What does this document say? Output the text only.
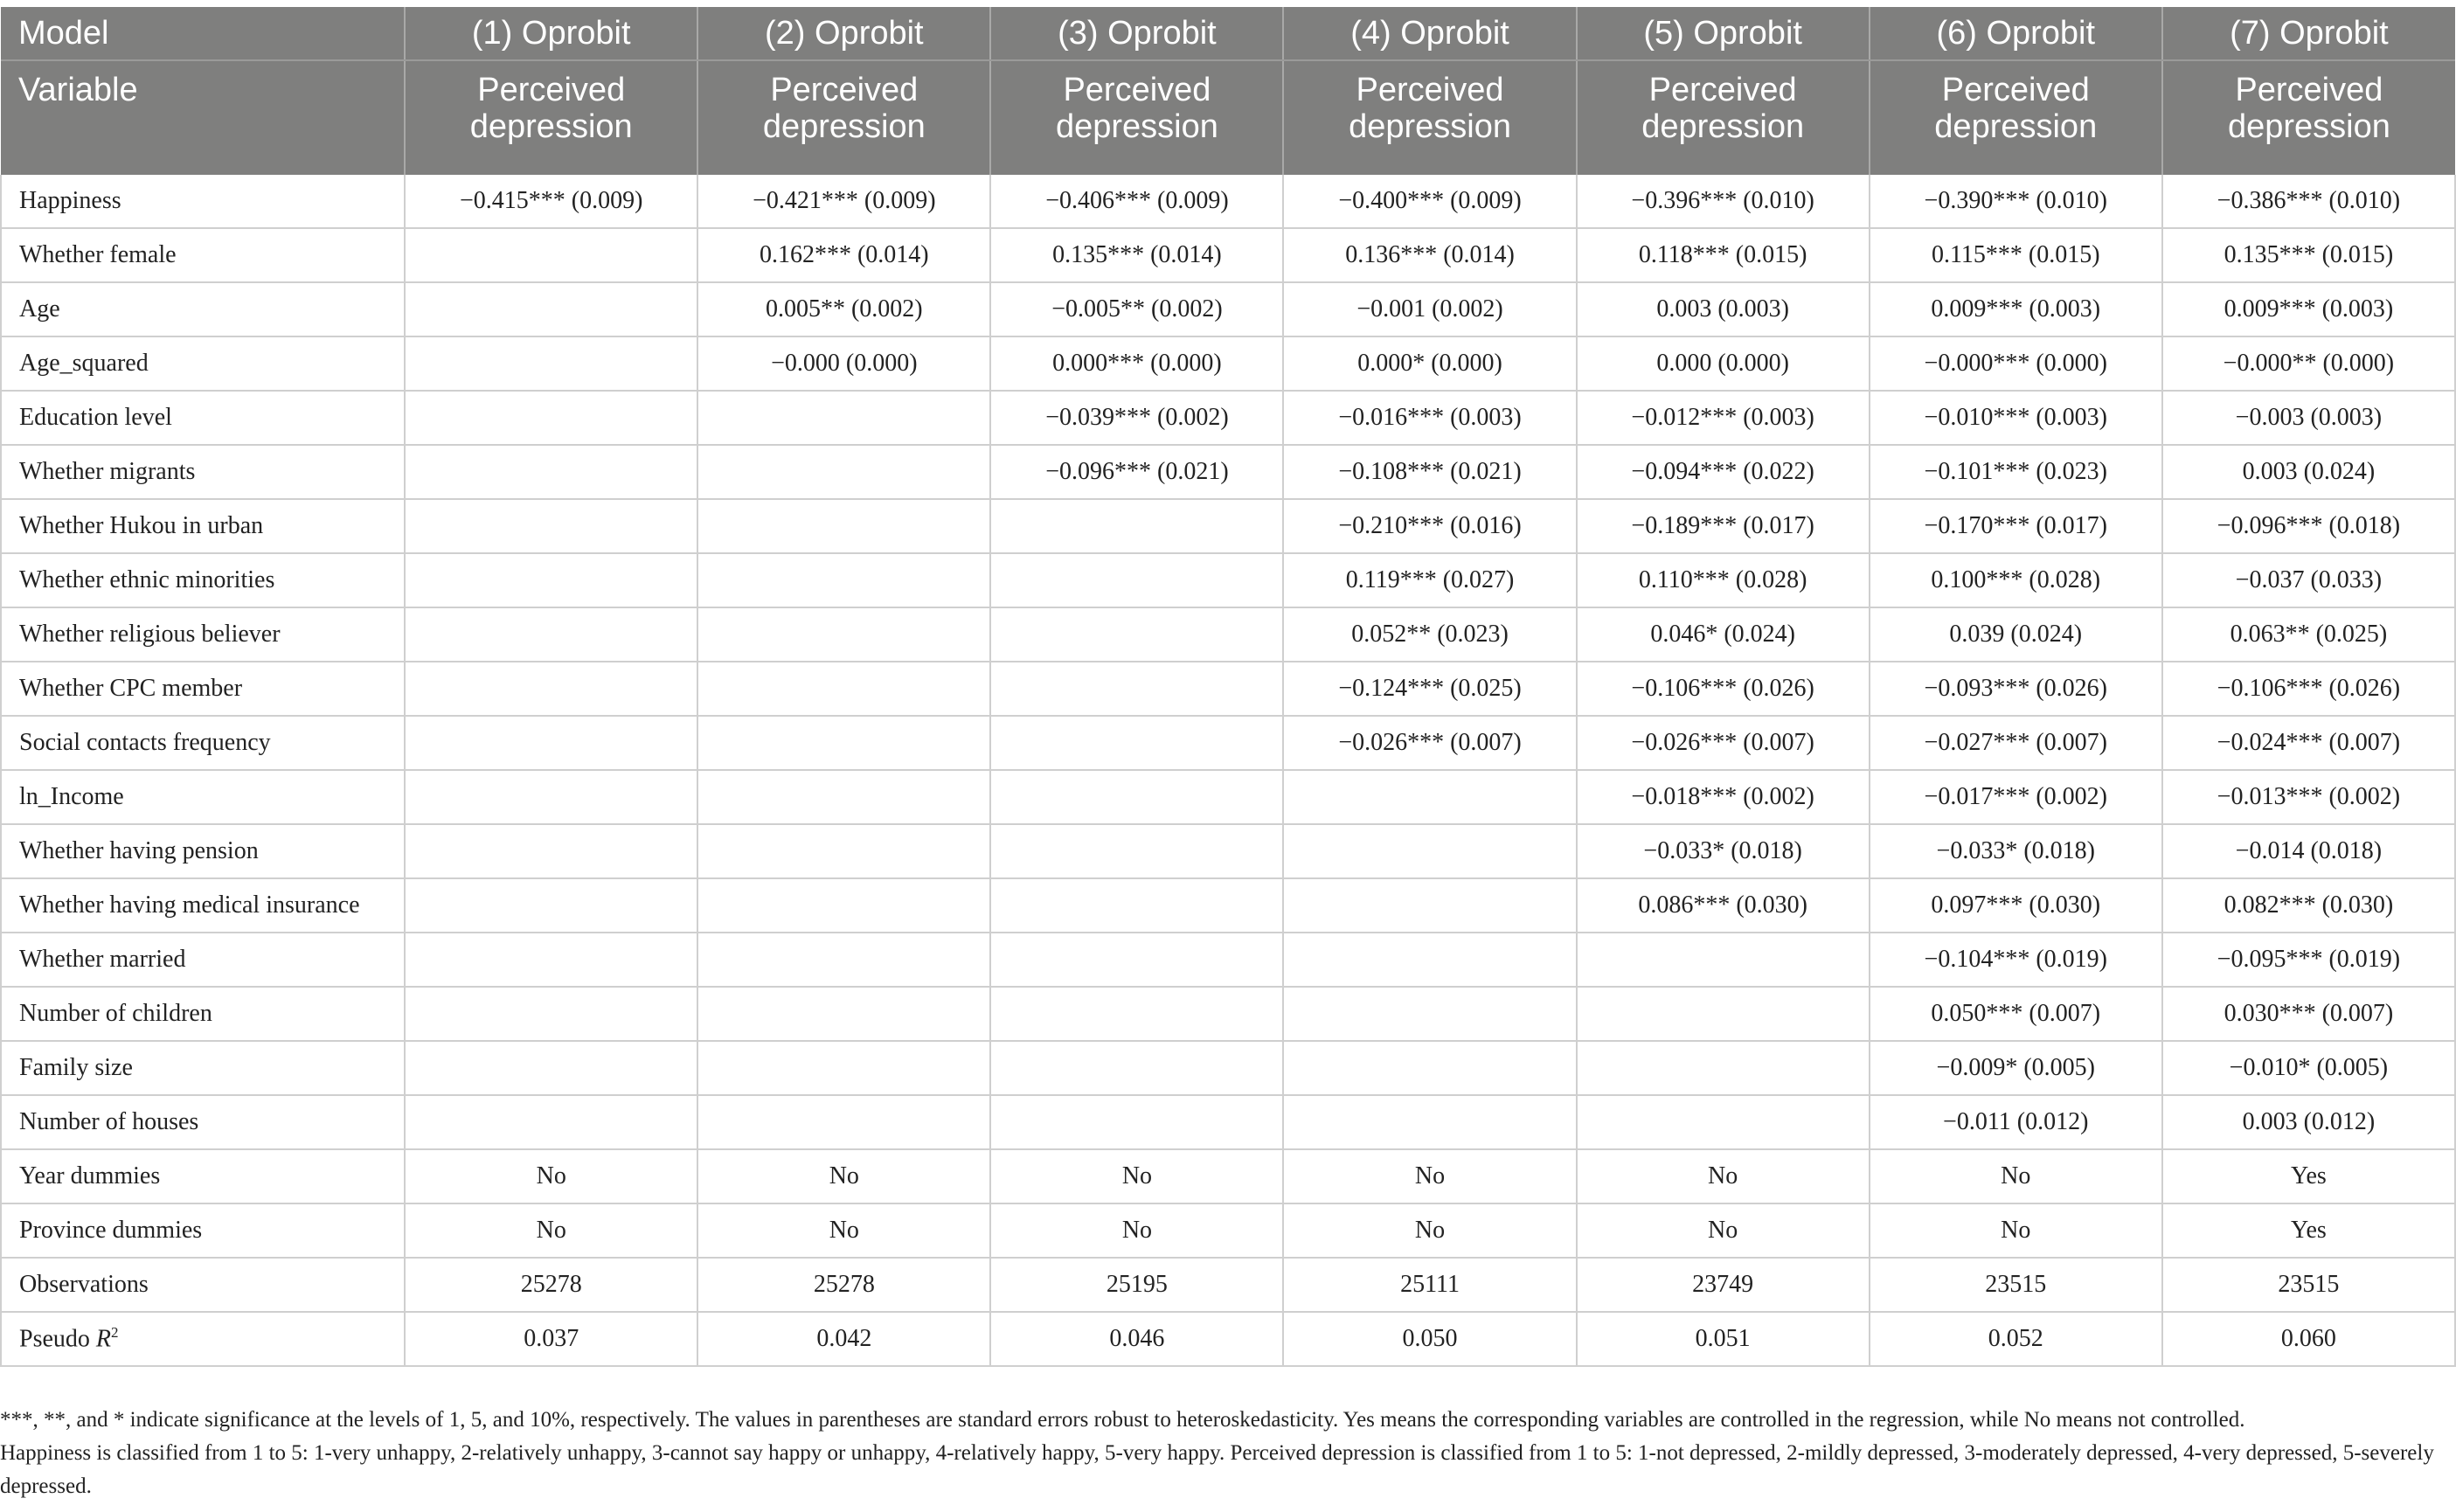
Model	(1) Oprobit	(2) Oprobit	(3) Oprobit	(4) Oprobit	(5) Oprobit	(6) Oprobit	(7) Oprobit
Variable	Perceived depression	Perceived depression	Perceived depression	Perceived depression	Perceived depression	Perceived depression	Perceived depression
Happiness	−0.415*** (0.009)	−0.421*** (0.009)	−0.406*** (0.009)	−0.400*** (0.009)	−0.396*** (0.010)	−0.390*** (0.010)	−0.386*** (0.010)
Whether female		0.162*** (0.014)	0.135*** (0.014)	0.136*** (0.014)	0.118*** (0.015)	0.115*** (0.015)	0.135*** (0.015)
Age		0.005** (0.002)	−0.005** (0.002)	−0.001 (0.002)	0.003 (0.003)	0.009*** (0.003)	0.009*** (0.003)
Age_squared		−0.000 (0.000)	0.000*** (0.000)	0.000* (0.000)	0.000 (0.000)	−0.000*** (0.000)	−0.000** (0.000)
Education level			−0.039*** (0.002)	−0.016*** (0.003)	−0.012*** (0.003)	−0.010*** (0.003)	−0.003 (0.003)
Whether migrants			−0.096*** (0.021)	−0.108*** (0.021)	−0.094*** (0.022)	−0.101*** (0.023)	0.003 (0.024)
Whether Hukou in urban				−0.210*** (0.016)	−0.189*** (0.017)	−0.170*** (0.017)	−0.096*** (0.018)
Whether ethnic minorities				0.119*** (0.027)	0.110*** (0.028)	0.100*** (0.028)	−0.037 (0.033)
Whether religious believer				0.052** (0.023)	0.046* (0.024)	0.039 (0.024)	0.063** (0.025)
Whether CPC member				−0.124*** (0.025)	−0.106*** (0.026)	−0.093*** (0.026)	−0.106*** (0.026)
Social contacts frequency				−0.026*** (0.007)	−0.026*** (0.007)	−0.027*** (0.007)	−0.024*** (0.007)
ln_Income					−0.018*** (0.002)	−0.017*** (0.002)	−0.013*** (0.002)
Whether having pension					−0.033* (0.018)	−0.033* (0.018)	−0.014 (0.018)
Whether having medical insurance					0.086*** (0.030)	0.097*** (0.030)	0.082*** (0.030)
Whether married						−0.104*** (0.019)	−0.095*** (0.019)
Number of children						0.050*** (0.007)	0.030*** (0.007)
Family size						−0.009* (0.005)	−0.010* (0.005)
Number of houses						−0.011 (0.012)	0.003 (0.012)
Year dummies	No	No	No	No	No	No	Yes
Province dummies	No	No	No	No	No	No	Yes
Observations	25278	25278	25195	25111	23749	23515	23515
Pseudo $R^2$	0.037	0.042	0.046	0.050	0.051	0.052	0.060

***, **, and * indicate significance at the levels of 1, 5, and 10%, respectively. The values in parentheses are standard errors robust to heteroskedasticity. Yes means the corresponding variables are controlled in the regression, while No means not controlled.

Happiness is classified from 1 to 5: 1-very unhappy, 2-relatively unhappy, 3-cannot say happy or unhappy, 4-relatively happy, 5-very happy. Perceived depression is classified from 1 to 5: 1-not depressed, 2-mildly depressed, 3-moderately depressed, 4-very depressed, 5-severely depressed.
